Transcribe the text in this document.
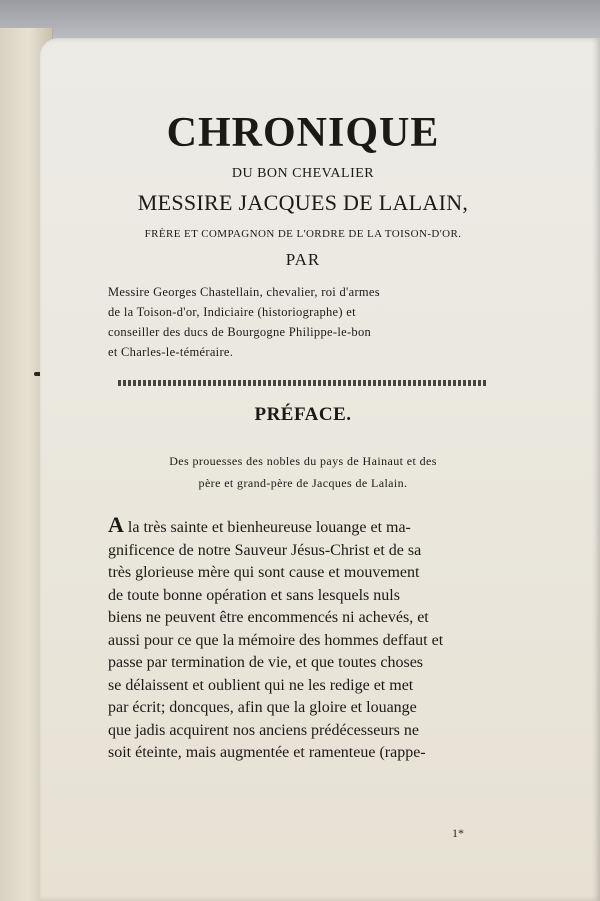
CHRONIQUE
DU BON CHEVALIER
MESSIRE JACQUES DE LALAIN,
FRÈRE ET COMPAGNON DE L'ORDRE DE LA TOISON-D'OR.
PAR

Messire Georges Chastellain, chevalier, roi d'armes

de la Toison-d'or, Indiciaire (historiographe) et

conseiller des ducs de Bourgogne Philippe-le-bon

et Charles-le-téméraire.

PRÉFACE.

Des prouesses des nobles du pays de Hainaut et des

père et grand-père de Jacques de Lalain.

A la très sainte et bienheureuse louange et ma-

gnificence de notre Sauveur Jésus-Christ et de sa

très glorieuse mère qui sont cause et mouvement

de toute bonne opération et sans lesquels nuls

biens ne peuvent être encommencés ni achevés, et

aussi pour ce que la mémoire des hommes deffaut et

passe par termination de vie, et que toutes choses

se délaissent et oublient qui ne les redige et met

par écrit; doncques, afin que la gloire et louange

que jadis acquirent nos anciens prédécesseurs ne

soit éteinte, mais augmentée et ramenteue (rappe-

1*
